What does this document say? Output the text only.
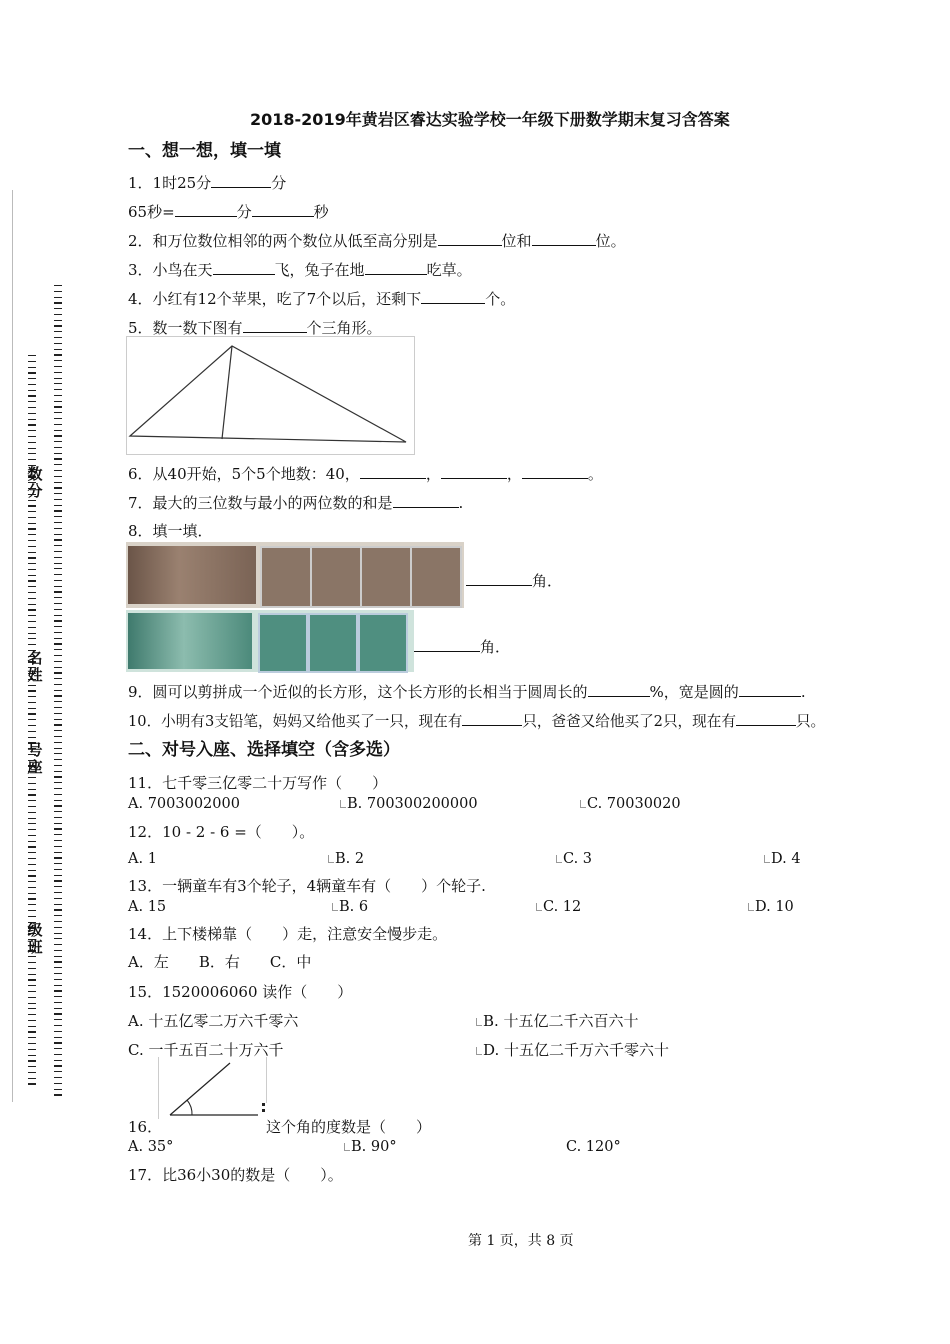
数分
名姓
号座
级班
2018-2019年黄岩区睿达实验学校一年级下册数学期末复习含答案
一、想一想，填一填
1．1时25分	分
65秒=	分	秒
2．和万位数位相邻的两个数位从低至高分别是	位和	位。
3．小鸟在天	飞，兔子在地	吃草。
4．小红有12个苹果，吃了7个以后，还剩下	个。
5．数一数下图有	个三角形。
6．从40开始，5个5个地数：40，	，	，	。
7．最大的三位数与最小的两位数的和是	.
8．填一填．
角．
角．
9．圆可以剪拼成一个近似的长方形，这个长方形的长相当于圆周长的	%，宽是圆的	.
10．小明有3支铅笔，妈妈又给他买了一只，现在有	只，爸爸又给他买了2只，现在有	只。
二、对号入座、选择填空（含多选）
11．七千零三亿零二十万写作（　　）
A. 7003002000	B. 700300200000	C. 70030020
12．10 - 2 - 6 =（　　）。
A. 1	B. 2	C. 3	D. 4
13．一辆童车有3个轮子，4辆童车有（　　）个轮子.
A. 15	B. 6	C. 12	D. 10
14．上下楼梯靠（　　）走，注意安全慢步走。
A．左　　B．右　　C．中
15．1520006060 读作（　　）
A. 十五亿零二万六千零六	B. 十五亿二千六百六十
C. 一千五百二十万六千	D. 十五亿二千万六千零六十
16．	这个角的度数是（　　）
A. 35°	B. 90°	C. 120°
17．比36小30的数是（　　）。
第 1 页，共 8 页
